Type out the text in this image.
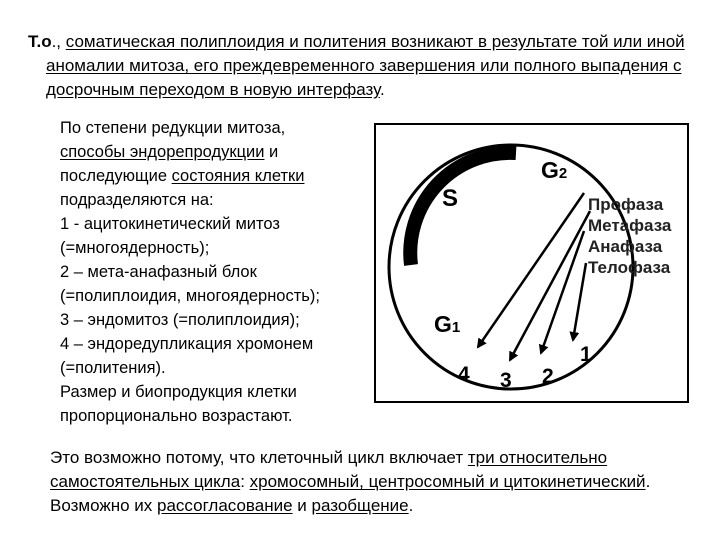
Т.о., соматическая полиплоидия и политения возникают в результате той или иной аномалии митоза, его преждевременного завершения или полного выпадения с досрочным переходом в новую интерфазу.
По степени редукции митоза,
способы эндорепродукции и
последующие состояния клетки
подразделяются на:
1 - ацитокинетический митоз
(=многоядерность);
2 – мета-анафазный блок
(=полиплоидия, многоядерность);
3 – эндомитоз (=полиплоидия);
4 – эндоредупликация хромонем
(=политения).
Размер и биопродукция клетки
пропорционально возрастают.
S
G2
G1
Профаза
Метафаза
Анафаза
Телофаза
1
2
3
4
Это возможно потому, что клеточный цикл включает три относительно самостоятельных цикла: хромосомный, центросомный и цитокинетический. Возможно их рассогласование и разобщение.
